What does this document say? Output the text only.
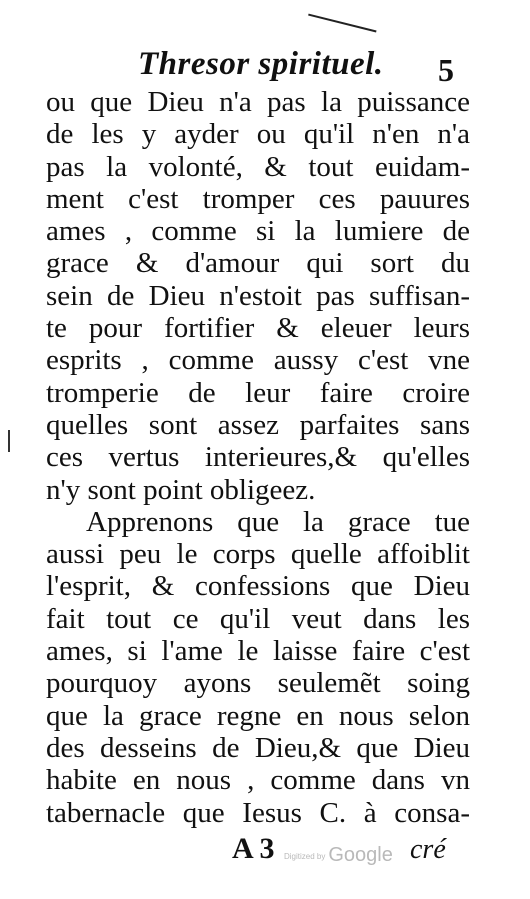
Thresor spirituel. 5
ou que Dieu n'a pas la puissance
de les y ayder ou qu'il n'en n'a
pas la volonté, & tout euidam-
ment c'est tromper ces pauures
ames , comme si la lumiere de
grace & d'amour qui sort du
sein de Dieu n'estoit pas suffisan-
te pour fortifier & eleuer leurs
esprits , comme aussy c'est vne
tromperie de leur faire croire
quelles sont assez parfaites sans
ces vertus interieures,& qu'elles
n'y sont point obligeez.
Apprenons que la grace tue
aussi peu le corps quelle affoiblit
l'esprit, & confessions que Dieu
fait tout ce qu'il veut dans les
ames, si l'ame le laisse faire c'est
pourquoy ayons seulemẽt soing
que la grace regne en nous selon
des desseins de Dieu,& que Dieu
habite en nous , comme dans vn
tabernacle que Iesus C. à consa-
A 3 Digitized by Google cré
